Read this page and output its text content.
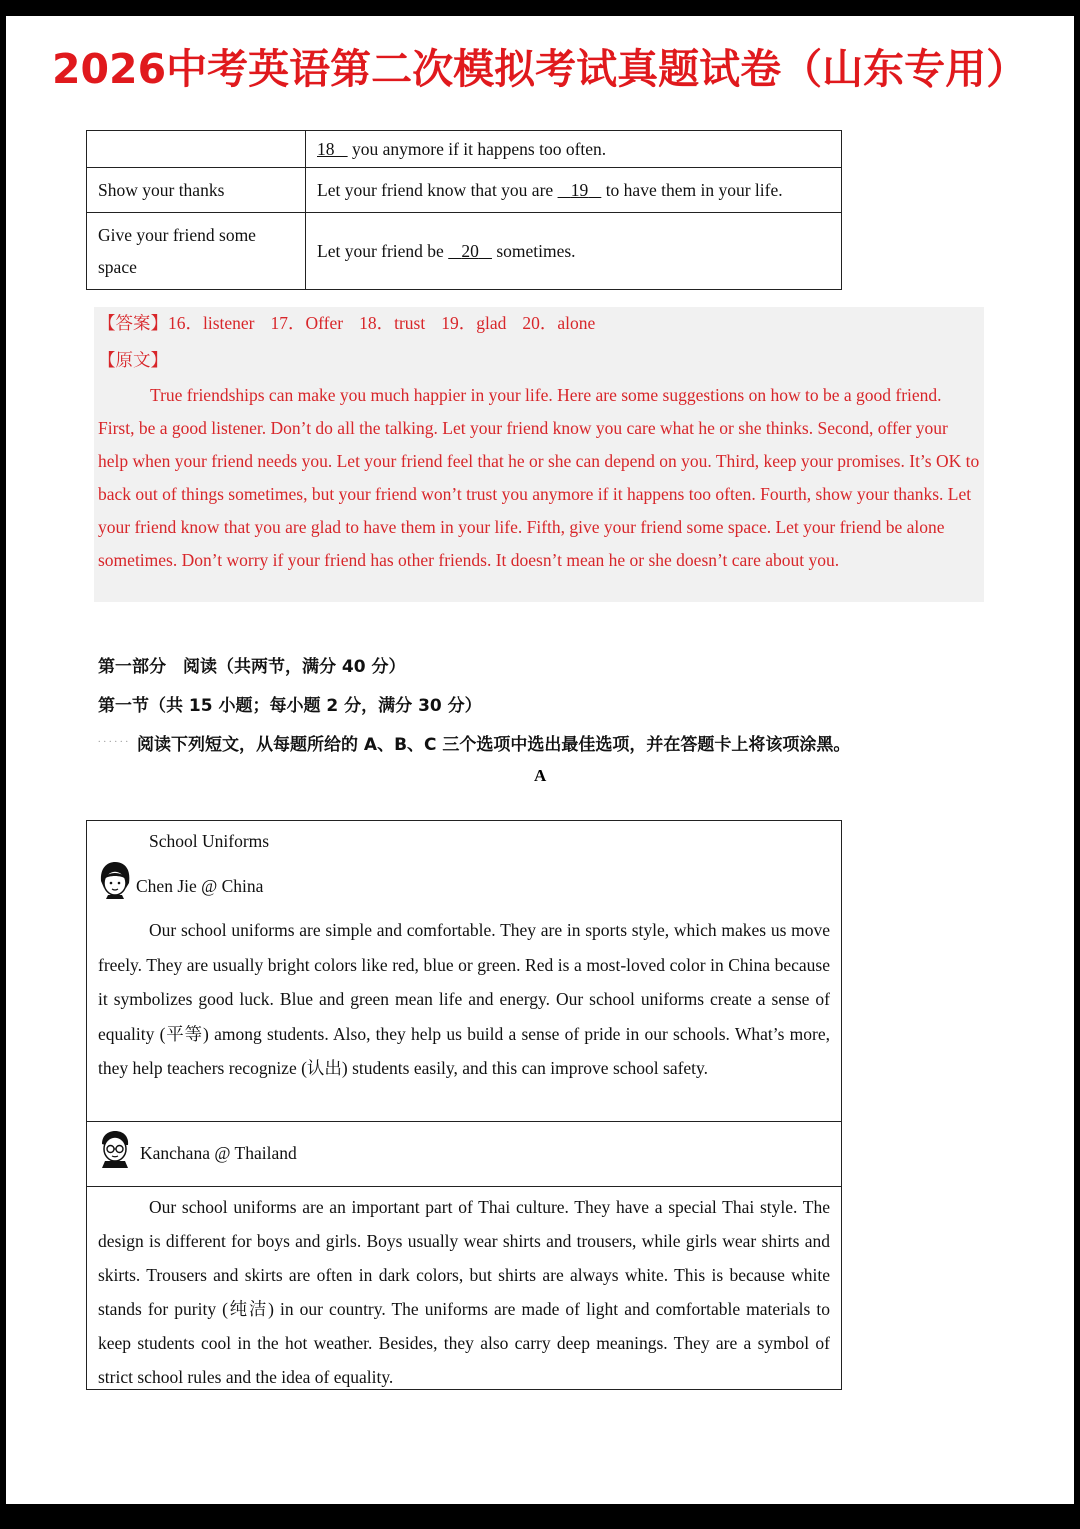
2026中考英语第二次模拟考试真题试卷（山东专用）
	18    you anymore if it happens too often.
Show your thanks	Let your friend know that you are    19    to have them in your life.
Give your friend some space	Let your friend be    20    sometimes.
【答案】16．listener 17．Offer 18．trust 19．glad 20．alone
【原文】
True friendships can make you much happier in your life. Here are some suggestions on how to be a good friend. First, be a good listener. Don’t do all the talking. Let your friend know you care what he or she thinks. Second, offer your help when your friend needs you. Let your friend feel that he or she can depend on you. Third, keep your promises. It’s OK to back out of things sometimes, but your friend won’t trust you anymore if it happens too often. Fourth, show your thanks. Let your friend know that you are glad to have them in your life. Fifth, give your friend some space. Let your friend be alone sometimes. Don’t worry if your friend has other friends. It doesn’t mean he or she doesn’t care about you.
第一部分　阅读（共两节，满分 40 分）
第一节（共 15 小题；每小题 2 分，满分 30 分）
...... 阅读下列短文，从每题所给的 A、B、C 三个选项中选出最佳选项，并在答题卡上将该项涂黑。
A
School Uniforms
Chen Jie @ China
Our school uniforms are simple and comfortable. They are in sports style, which makes us move freely. They are usually bright colors like red, blue or green. Red is a most-loved color in China because it symbolizes good luck. Blue and green mean life and energy. Our school uniforms create a sense of equality (平等) among students. Also, they help us build a sense of pride in our schools. What’s more, they help teachers recognize (认出) students easily, and this can improve school safety.
Kanchana @ Thailand
Our school uniforms are an important part of Thai culture. They have a special Thai style. The design is different for boys and girls. Boys usually wear shirts and trousers, while girls wear shirts and skirts. Trousers and skirts are often in dark colors, but shirts are always white. This is because white stands for purity (纯洁) in our country. The uniforms are made of light and comfortable materials to keep students cool in the hot weather. Besides, they also carry deep meanings. They are a symbol of strict school rules and the idea of equality.
